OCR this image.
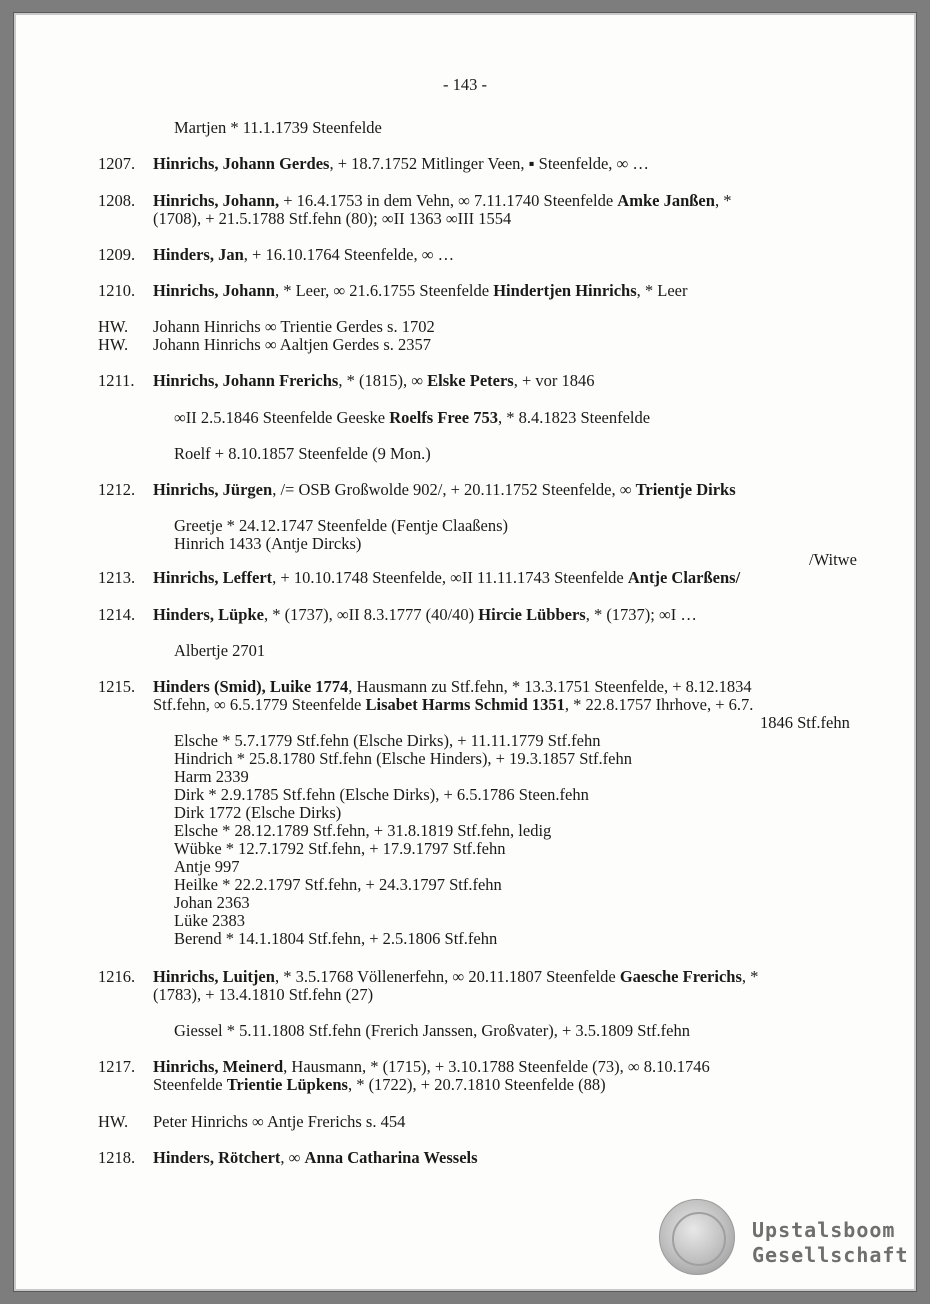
- 143 -
Martjen * 11.1.1739 Steenfelde
1207. Hinrichs, Johann Gerdes, + 18.7.1752 Mitlinger Veen, ▪ Steenfelde, ∞ …
1208. Hinrichs, Johann, + 16.4.1753 in dem Vehn, ∞ 7.11.1740 Steenfelde Amke Janßen, *
(1708), + 21.5.1788 Stf.fehn (80); ∞II 1363 ∞III 1554
1209. Hinders, Jan, + 16.10.1764 Steenfelde, ∞ …
1210. Hinrichs, Johann, * Leer, ∞ 21.6.1755 Steenfelde Hindertjen Hinrichs, * Leer
HW. Johann Hinrichs ∞ Trientie Gerdes s. 1702
HW. Johann Hinrichs ∞ Aaltjen Gerdes s. 2357
1211. Hinrichs, Johann Frerichs, * (1815), ∞ Elske Peters, + vor 1846
∞II 2.5.1846 Steenfelde Geeske Roelfs Free 753, * 8.4.1823 Steenfelde
Roelf + 8.10.1857 Steenfelde (9 Mon.)
1212. Hinrichs, Jürgen, /= OSB Großwolde 902/, + 20.11.1752 Steenfelde, ∞ Trientje Dirks
Greetje * 24.12.1747 Steenfelde (Fentje Claaßens)
Hinrich 1433 (Antje Dircks)
/Witwe
1213. Hinrichs, Leffert, + 10.10.1748 Steenfelde, ∞II 11.11.1743 Steenfelde Antje Clarßens/
1214. Hinders, Lüpke, * (1737), ∞II 8.3.1777 (40/40) Hircie Lübbers, * (1737); ∞I …
Albertje 2701
1215. Hinders (Smid), Luike 1774, Hausmann zu Stf.fehn, * 13.3.1751 Steenfelde, + 8.12.1834
Stf.fehn, ∞ 6.5.1779 Steenfelde Lisabet Harms Schmid 1351, * 22.8.1757 Ihrhove, + 6.7.
1846 Stf.fehn
Elsche * 5.7.1779 Stf.fehn (Elsche Dirks), + 11.11.1779 Stf.fehn
Hindrich * 25.8.1780 Stf.fehn (Elsche Hinders), + 19.3.1857 Stf.fehn
Harm 2339
Dirk * 2.9.1785 Stf.fehn (Elsche Dirks), + 6.5.1786 Steen.fehn
Dirk 1772 (Elsche Dirks)
Elsche * 28.12.1789 Stf.fehn, + 31.8.1819 Stf.fehn, ledig
Wübke * 12.7.1792 Stf.fehn, + 17.9.1797 Stf.fehn
Antje 997
Heilke * 22.2.1797 Stf.fehn, + 24.3.1797 Stf.fehn
Johan 2363
Lüke 2383
Berend * 14.1.1804 Stf.fehn, + 2.5.1806 Stf.fehn
1216. Hinrichs, Luitjen, * 3.5.1768 Völlenerfehn, ∞ 20.11.1807 Steenfelde Gaesche Frerichs, *
(1783), + 13.4.1810 Stf.fehn (27)
Giessel * 5.11.1808 Stf.fehn (Frerich Janssen, Großvater), + 3.5.1809 Stf.fehn
1217. Hinrichs, Meinerd, Hausmann, * (1715), + 3.10.1788 Steenfelde (73), ∞ 8.10.1746
Steenfelde Trientie Lüpkens, * (1722), + 20.7.1810 Steenfelde (88)
HW. Peter Hinrichs ∞ Antje Frerichs s. 454
1218. Hinders, Rötchert, ∞ Anna Catharina Wessels
Upstalsboom
Gesellschaft
